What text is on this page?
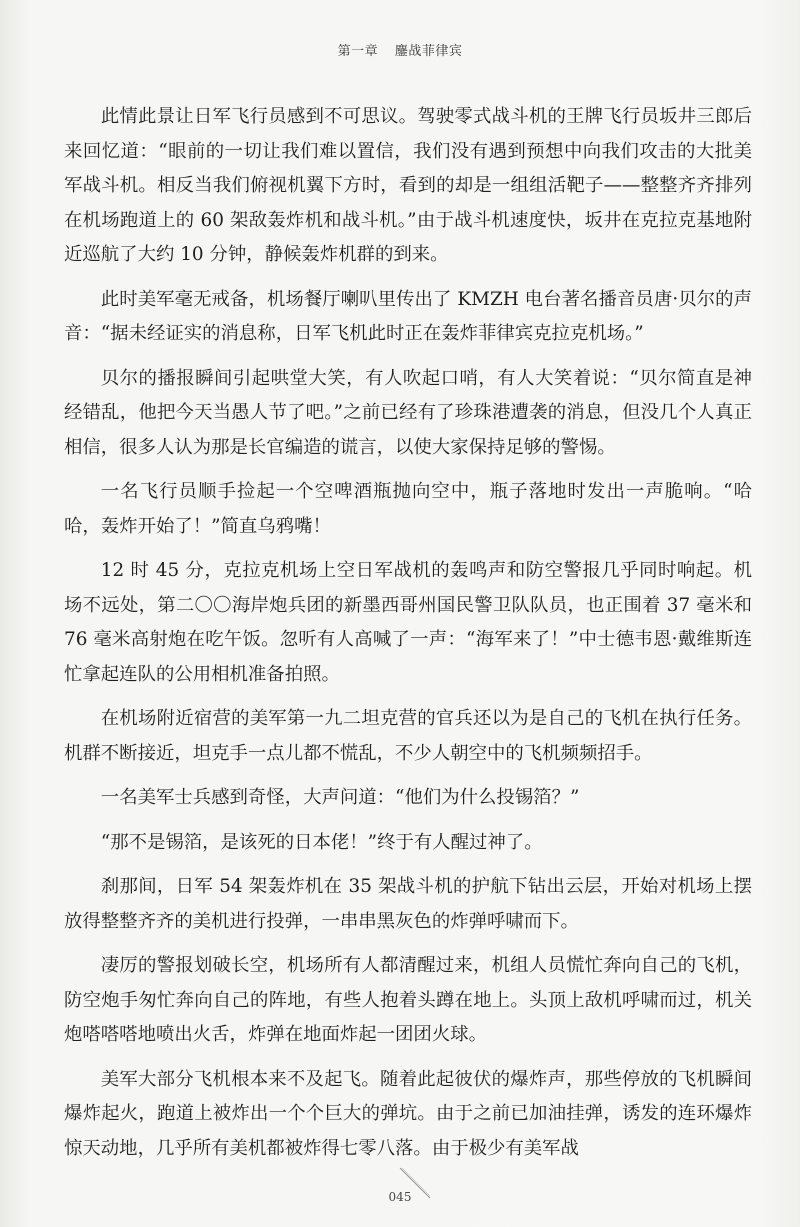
第一章 鏖战菲律宾

此情此景让日军飞行员感到不可思议。驾驶零式战斗机的王牌飞行员坂井三郎后来回忆道：“眼前的一切让我们难以置信，我们没有遇到预想中向我们攻击的大批美军战斗机。相反当我们俯视机翼下方时，看到的却是一组组活靶子——整整齐齐排列在机场跑道上的 60 架敌轰炸机和战斗机。”由于战斗机速度快，坂井在克拉克基地附近巡航了大约 10 分钟，静候轰炸机群的到来。

此时美军毫无戒备，机场餐厅喇叭里传出了 KMZH 电台著名播音员唐·贝尔的声音：“据未经证实的消息称，日军飞机此时正在轰炸菲律宾克拉克机场。”

贝尔的播报瞬间引起哄堂大笑，有人吹起口哨，有人大笑着说：“贝尔简直是神经错乱，他把今天当愚人节了吧。”之前已经有了珍珠港遭袭的消息，但没几个人真正相信，很多人认为那是长官编造的谎言，以使大家保持足够的警惕。

一名飞行员顺手捡起一个空啤酒瓶抛向空中，瓶子落地时发出一声脆响。“哈哈，轰炸开始了！”简直乌鸦嘴！

12 时 45 分，克拉克机场上空日军战机的轰鸣声和防空警报几乎同时响起。机场不远处，第二〇〇海岸炮兵团的新墨西哥州国民警卫队队员，也正围着 37 毫米和 76 毫米高射炮在吃午饭。忽听有人高喊了一声：“海军来了！”中士德韦恩·戴维斯连忙拿起连队的公用相机准备拍照。

在机场附近宿营的美军第一九二坦克营的官兵还以为是自己的飞机在执行任务。机群不断接近，坦克手一点儿都不慌乱，不少人朝空中的飞机频频招手。

一名美军士兵感到奇怪，大声问道：“他们为什么投锡箔？”

“那不是锡箔，是该死的日本佬！”终于有人醒过神了。

刹那间，日军 54 架轰炸机在 35 架战斗机的护航下钻出云层，开始对机场上摆放得整整齐齐的美机进行投弹，一串串黑灰色的炸弹呼啸而下。

凄厉的警报划破长空，机场所有人都清醒过来，机组人员慌忙奔向自己的飞机，防空炮手匆忙奔向自己的阵地，有些人抱着头蹲在地上。头顶上敌机呼啸而过，机关炮嗒嗒嗒地喷出火舌，炸弹在地面炸起一团团火球。

美军大部分飞机根本来不及起飞。随着此起彼伏的爆炸声，那些停放的飞机瞬间爆炸起火，跑道上被炸出一个个巨大的弹坑。由于之前已加油挂弹，诱发的连环爆炸惊天动地，几乎所有美机都被炸得七零八落。由于极少有美军战

045
